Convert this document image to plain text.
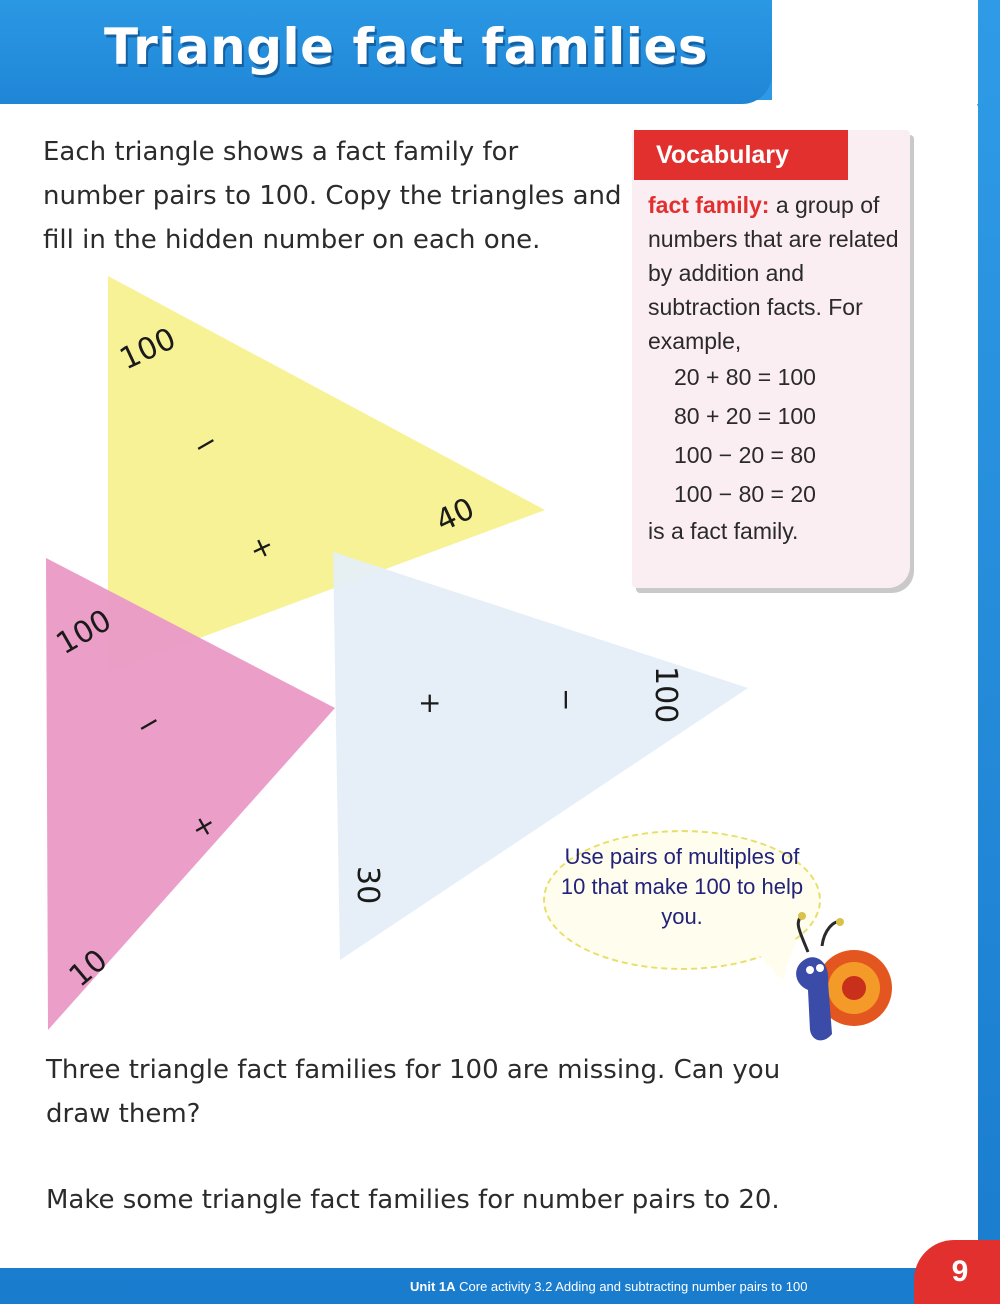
Triangle fact families

Each triangle shows a fact family for number pairs to 100. Copy the triangles and fill in the hidden number on each one.

Vocabulary
fact family: a group of numbers that are related by addition and subtraction facts. For example,
20 + 80 = 100
80 + 20 = 100
100 − 20 = 80
100 − 80 = 20
is a fact family.
100
−
40
+
100
−
+
10
+	− 100
30

Use pairs of multiples of 10 that make 100 to help you.

Three triangle fact families for 100 are missing. Can you draw them?

Make some triangle fact families for number pairs to 20.

Unit 1A Core activity 3.2 Adding and subtracting number pairs to 100	9
